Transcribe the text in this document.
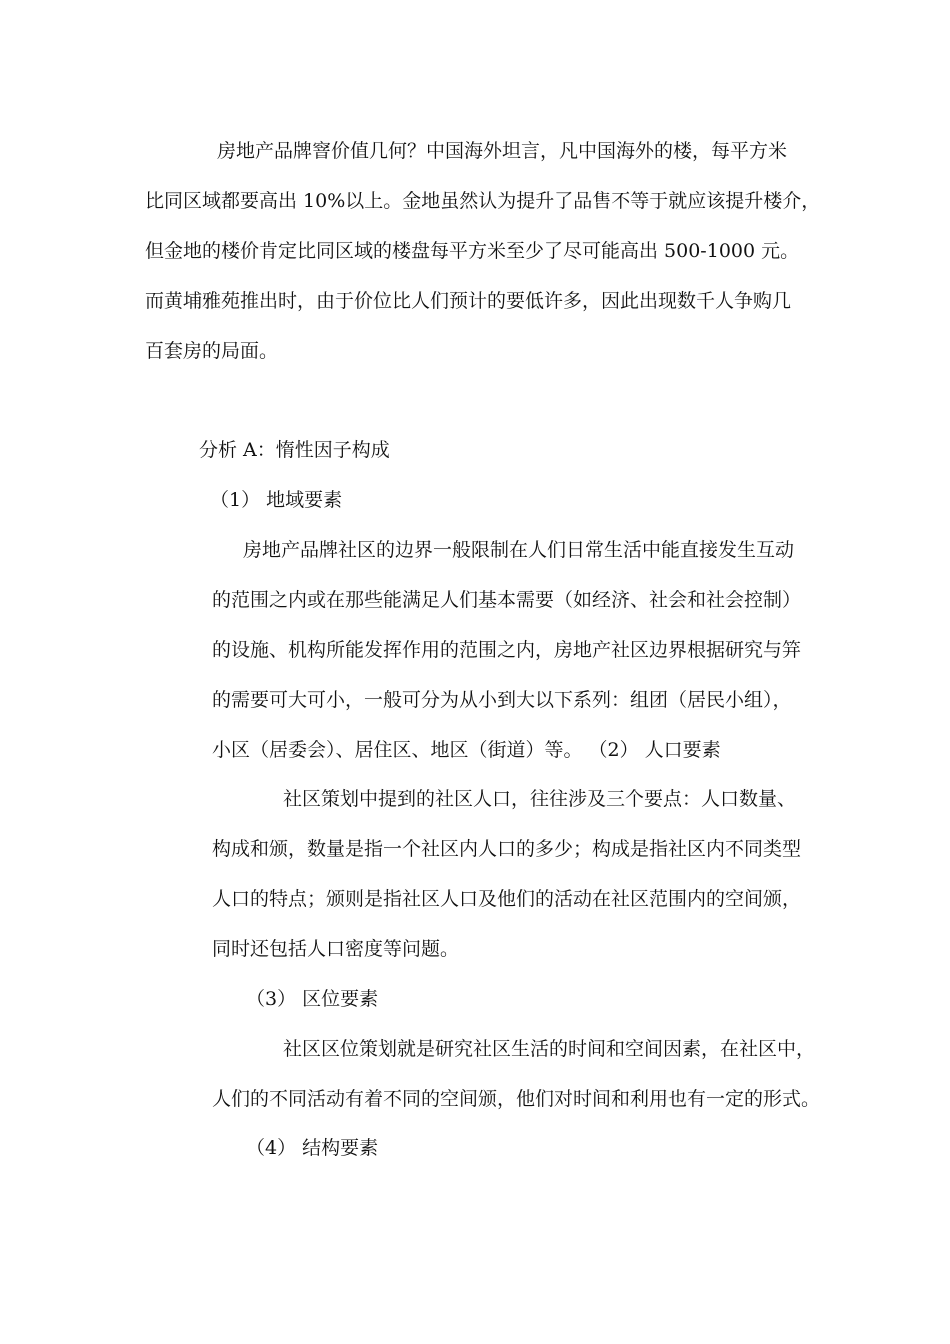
房地产品牌窨价值几何？中国海外坦言，凡中国海外的楼，每平方米
比同区域都要高出 10%以上。金地虽然认为提升了品售不等于就应该提升楼介，
但金地的楼价肯定比同区域的楼盘每平方米至少了尽可能高出 500-1000 元。
而黄埔雅苑推出时，由于价位比人们预计的要低许多，因此出现数千人争购几
百套房的局面。
分析 A：惰性因子构成
（1） 地域要素
房地产品牌社区的边界一般限制在人们日常生活中能直接发生互动
的范围之内或在那些能满足人们基本需要（如经济、社会和社会控制）
的设施、机构所能发挥作用的范围之内，房地产社区边界根据研究与笄
的需要可大可小，一般可分为从小到大以下系列：组团（居民小组），
小区（居委会）、居住区、地区（街道）等。 （2） 人口要素
社区策划中提到的社区人口，往往涉及三个要点：人口数量、
构成和颁，数量是指一个社区内人口的多少；构成是指社区内不同类型
人口的特点；颁则是指社区人口及他们的活动在社区范围内的空间颁，
同时还包括人口密度等问题。
（3） 区位要素
社区区位策划就是研究社区生活的时间和空间因素，在社区中，
人们的不同活动有着不同的空间颁，他们对时间和利用也有一定的形式。
（4） 结构要素
